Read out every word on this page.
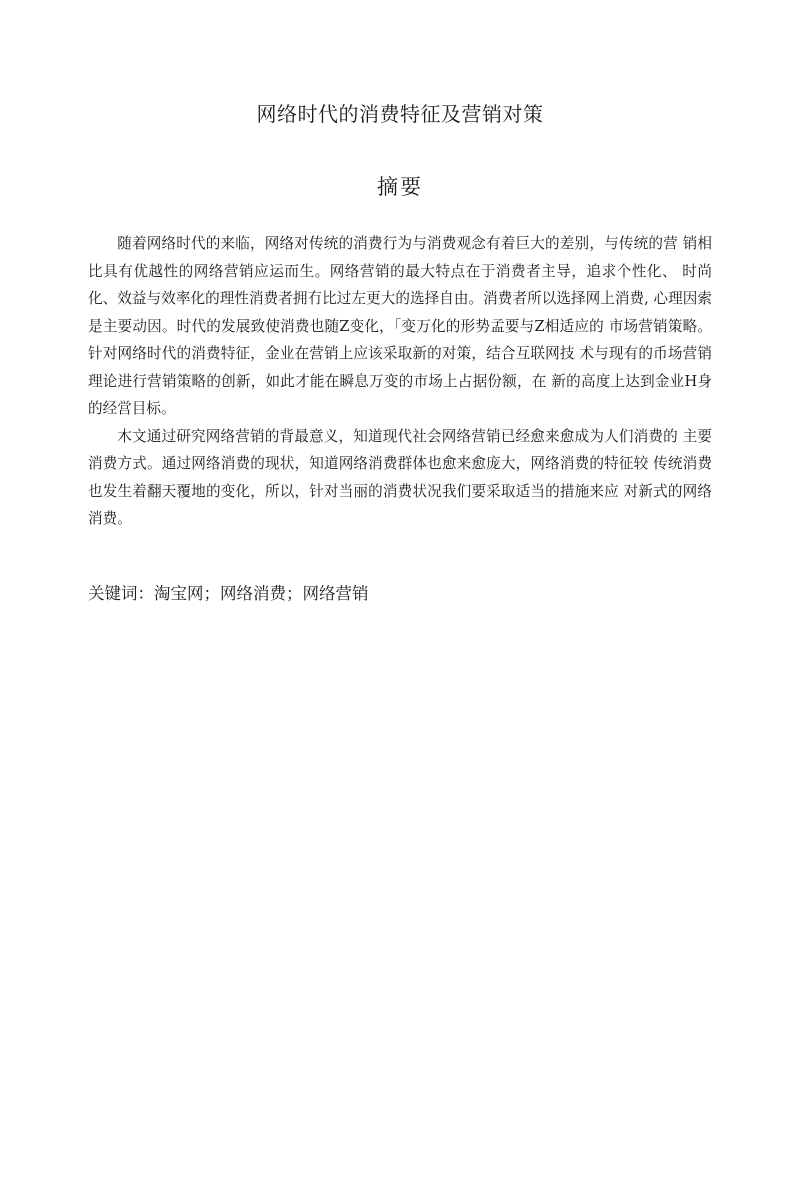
网络时代的消费特征及营销对策
摘要

随着网络时代的来临，网络对传统的消费行为与消费观念有着巨大的差别，与传统的营 销相比具有优越性的网络营销应运而生。网络营销的最大特点在于消费者主导，追求个性化、 时尚化、效益与效率化的理性消费者拥冇比过左更大的选择自由。消费者所以选择网上消费, 心理因索是主要动因。时代的发展致使消费也随Z变化，「变万化的形势孟要与Z相适应的 市场营销策略。针对网络时代的消费特征，金业在营销上应该采取新的对策，结合互联网技 术与现有的币场营销理论进行营销策略的创新，如此才能在瞬息万变的市场上占据份额，在 新的高度上达到金业H身的经営目标。

木文通过研究网络营销的背最意义，知道现代社会网络营销已经愈来愈成为人们消费的 主要消费方式。通过网络消费的现状，知道网络消费群体也愈来愈庞大，网络消费的特征较 传统消费也发生着翻天覆地的变化，所以，针对当丽的消费状况我们要采取适当的措施来应 对新式的网络消费。

关键词：淘宝网；网络消费；网络营销
